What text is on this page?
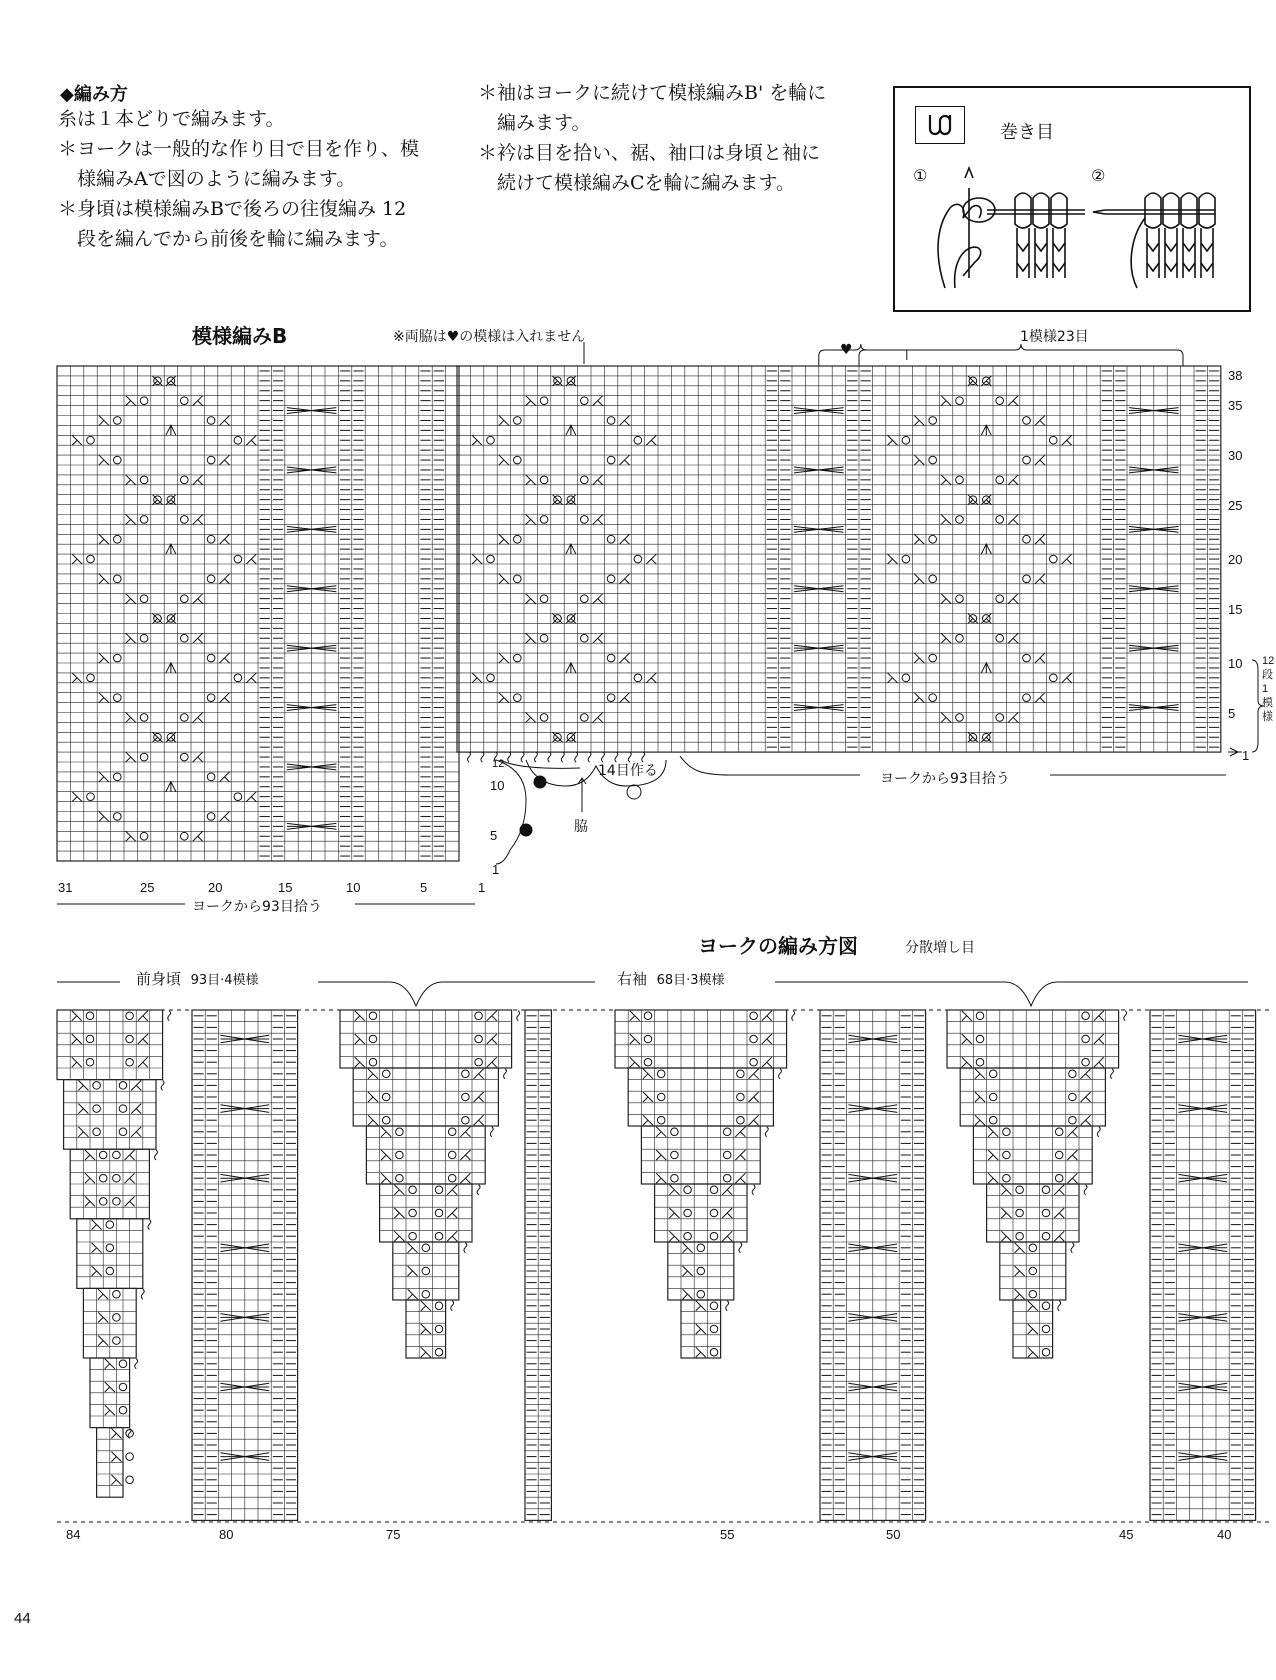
◆編み方
糸は１本どりで編みます。
＊ヨークは一般的な作り目で目を作り、模
　様編みAで図のように編みます。
＊身頃は模様編みBで後ろの往復編み 12
　段を編んでから前後を輪に編みます。
＊袖はヨークに続けて模様編みB' を輪に
　編みます。
＊衿は目を拾い、裾、袖口は身頃と袖に
　続けて模様編みCを輪に編みます。
巻き目
①	②
模様編みB	※両脇は♥の模様は入れません	1模様23目
♥
38
35
30
25
20
15
10
5
1
12
段
1
模
様
ヨークから93目拾う
14目作る
脇
ヨークから93目拾う
31	25	20	15	10	5	1
12
10
5
1
ヨークの編み方図	分散増し目
前身頃 93目·4模様	右袖 68目·3模様
84	80	75	55	50	45	40
44
